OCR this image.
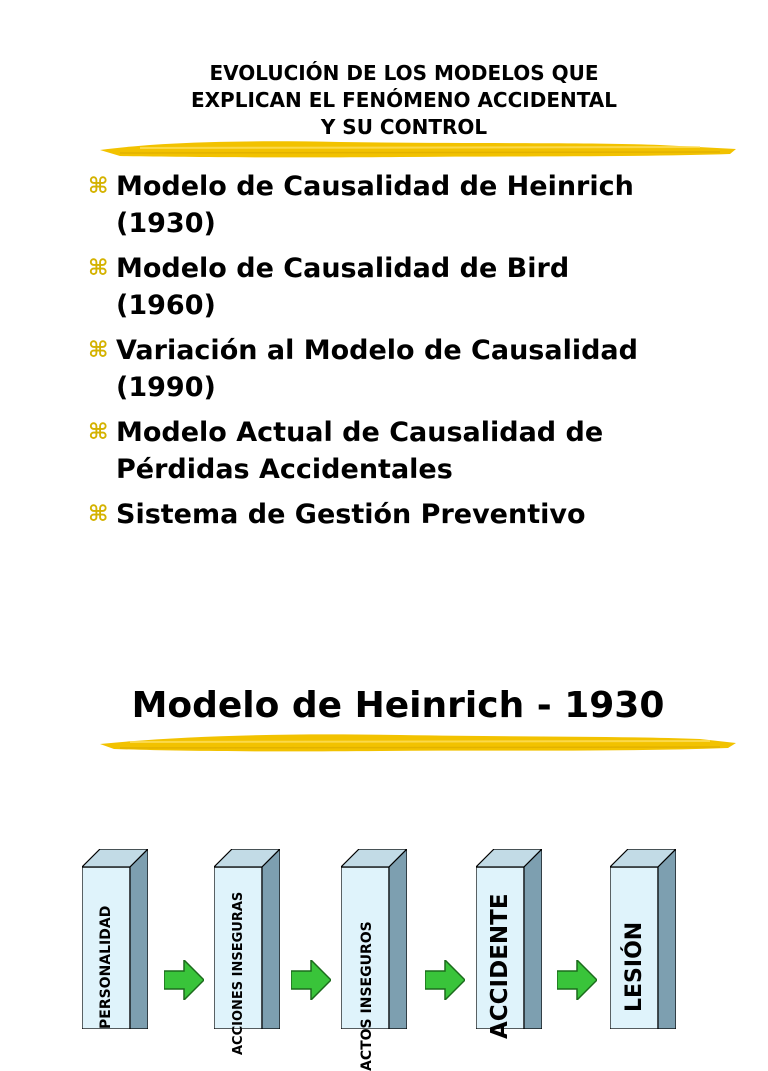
EVOLUCIÓN DE LOS MODELOS QUE
EXPLICAN EL FENÓMENO ACCIDENTAL
Y SU CONTROL
⌘ Modelo de Causalidad de Heinrich
(1930)
⌘ Modelo de Causalidad de Bird
(1960)
⌘ Variación al Modelo de Causalidad
(1990)
⌘ Modelo Actual de Causalidad de
Pérdidas Accidentales
⌘ Sistema de Gestión Preventivo
Modelo de Heinrich - 1930
PERSONALIDAD	ACCIONES INSEGURAS	ACTOS INSEGUROS	ACCIDENTE	LESIÓN
